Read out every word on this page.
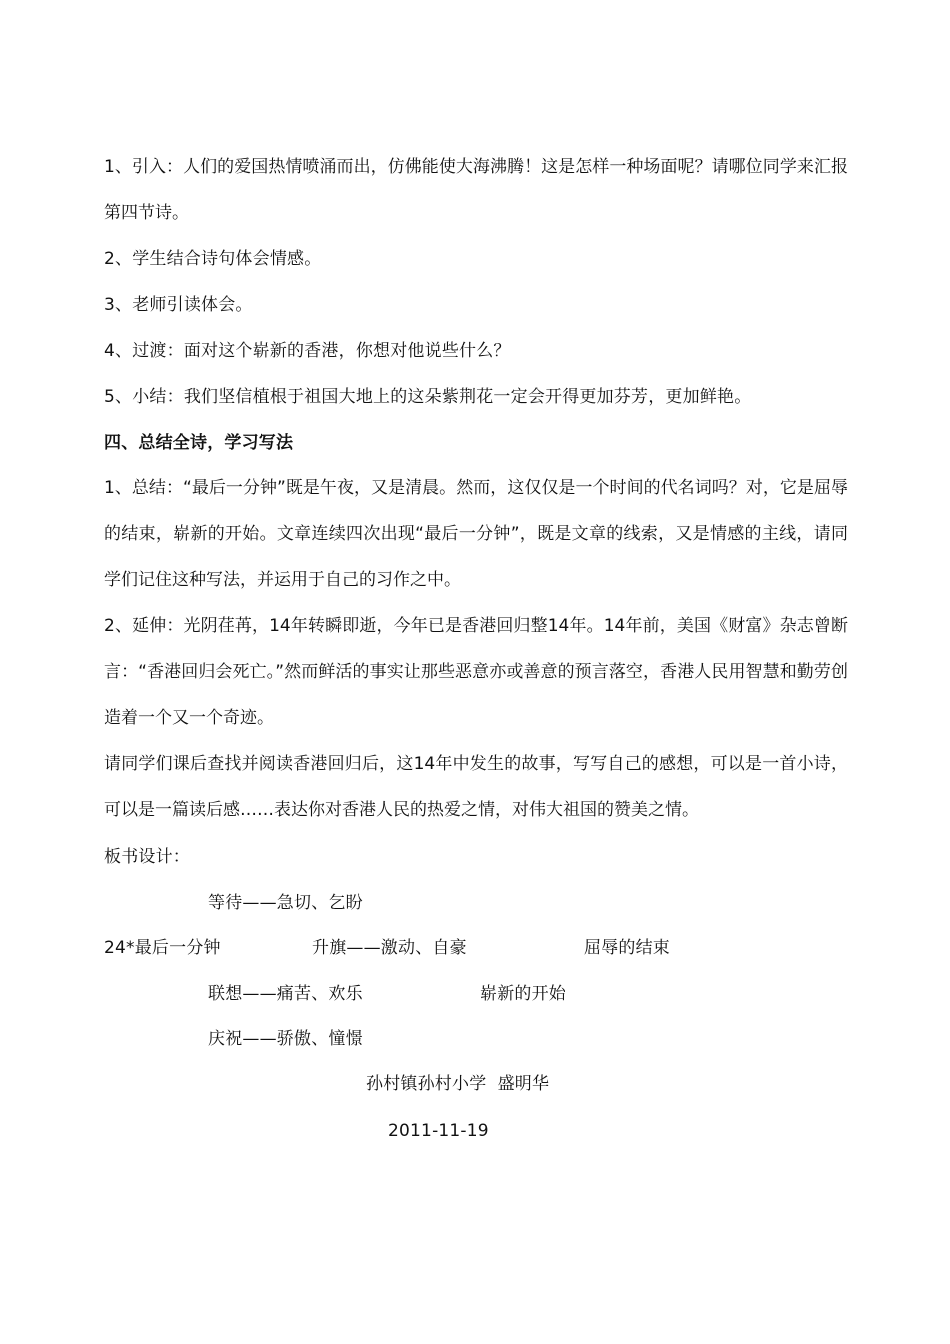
1、引入：人们的爱国热情喷涌而出，仿佛能使大海沸腾！这是怎样一种场面呢？请哪位同学来汇报第四节诗。
2、学生结合诗句体会情感。
3、老师引读体会。
4、过渡：面对这个崭新的香港，你想对他说些什么？
5、小结：我们坚信植根于祖国大地上的这朵紫荆花一定会开得更加芬芳，更加鲜艳。
四、总结全诗，学习写法
1、总结：“最后一分钟”既是午夜，又是清晨。然而，这仅仅是一个时间的代名词吗？对，它是屈辱的结束，崭新的开始。文章连续四次出现“最后一分钟”，既是文章的线索，又是情感的主线，请同学们记住这种写法，并运用于自己的习作之中。
2、延伸：光阴荏苒，14年转瞬即逝，今年已是香港回归整14年。14年前，美国《财富》杂志曾断言：“香港回归会死亡。”然而鲜活的事实让那些恶意亦或善意的预言落空，香港人民用智慧和勤劳创造着一个又一个奇迹。
请同学们课后查找并阅读香港回归后，这14年中发生的故事，写写自己的感想，可以是一首小诗，可以是一篇读后感……表达你对香港人民的热爱之情，对伟大祖国的赞美之情。
板书设计：
等待——急切、乞盼
24*最后一分钟	升旗——激动、自豪	屈辱的结束
联想——痛苦、欢乐	崭新的开始
庆祝——骄傲、憧憬
孙村镇孙村小学  盛明华
2011-11-19
